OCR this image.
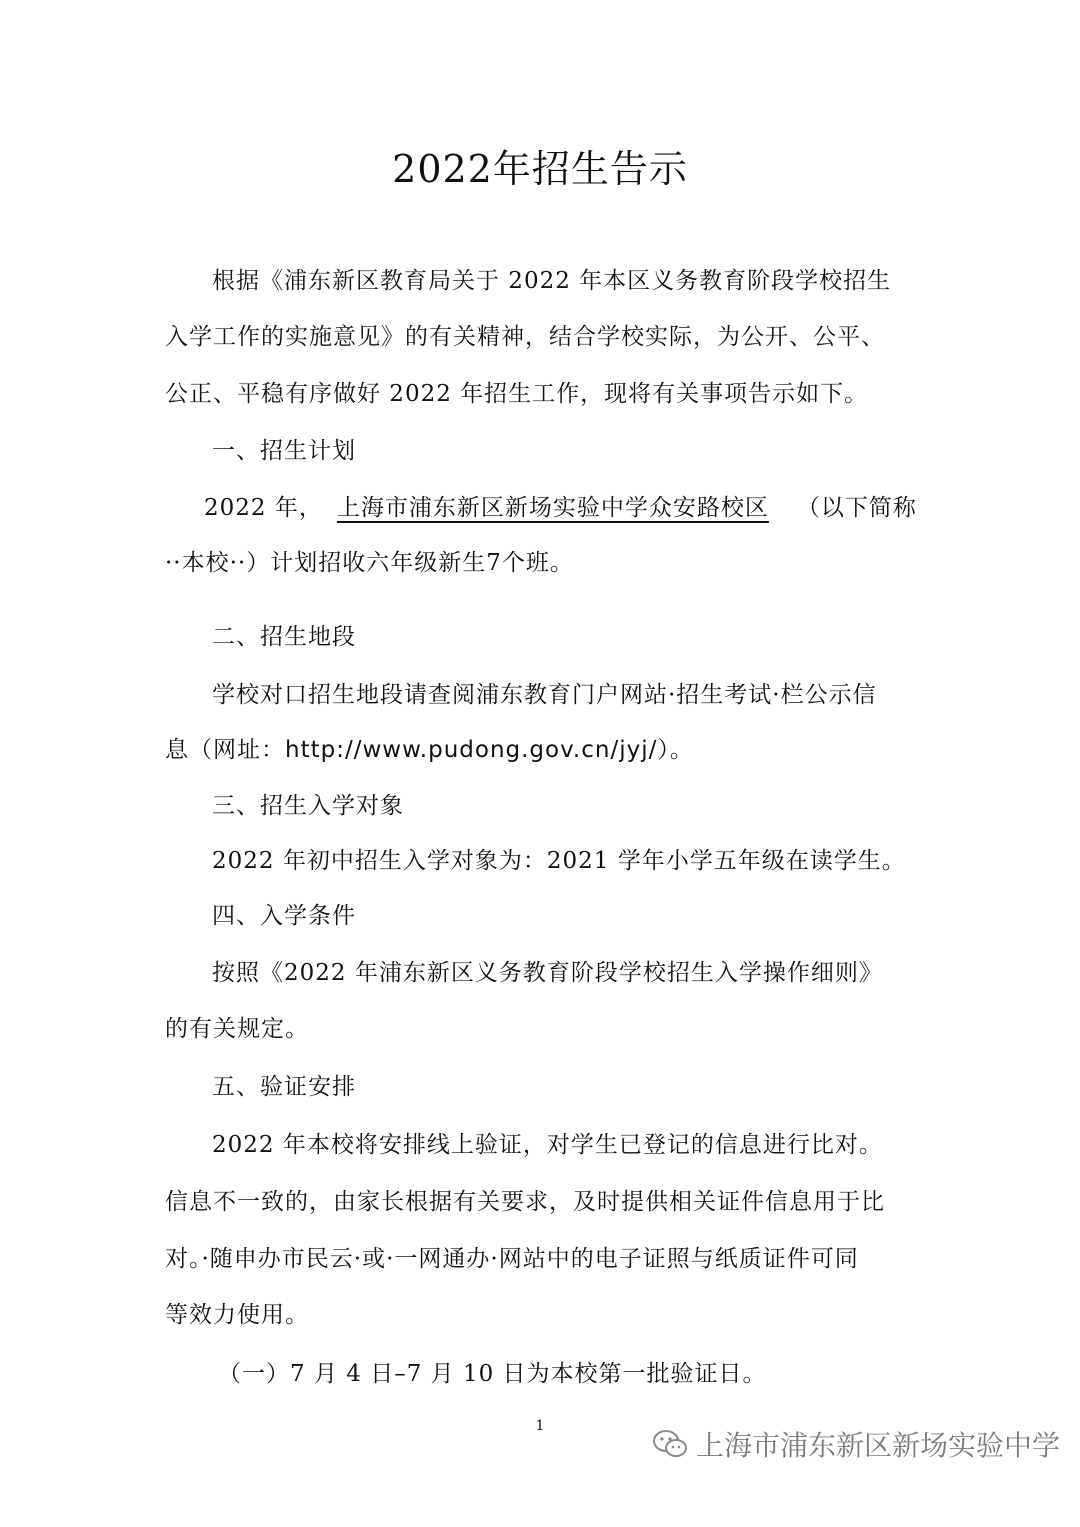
2022年招生告示
根据《浦东新区教育局关于 2022 年本区义务教育阶段学校招生
入学工作的实施意见》的有关精神，结合学校实际，为公开、公平、
公正、平稳有序做好 2022 年招生工作，现将有关事项告示如下。
一、招生计划
2022 年， 上海市浦东新区新场实验中学众安路校区 （以下简称
··本校··）计划招收六年级新生7个班。
二、招生地段
学校对口招生地段请查阅浦东教育门户网站·招生考试·栏公示信
息（网址：http://www.pudong.gov.cn/jyj/）。
三、招生入学对象
2022 年初中招生入学对象为：2021 学年小学五年级在读学生。
四、入学条件
按照《2022 年浦东新区义务教育阶段学校招生入学操作细则》
的有关规定。
五、验证安排
2022 年本校将安排线上验证，对学生已登记的信息进行比对。
信息不一致的，由家长根据有关要求，及时提供相关证件信息用于比
对。·随申办市民云·或·一网通办·网站中的电子证照与纸质证件可同
等效力使用。
（一）7 月 4 日–7 月 10 日为本校第一批验证日。
1
上海市浦东新区新场实验中学
